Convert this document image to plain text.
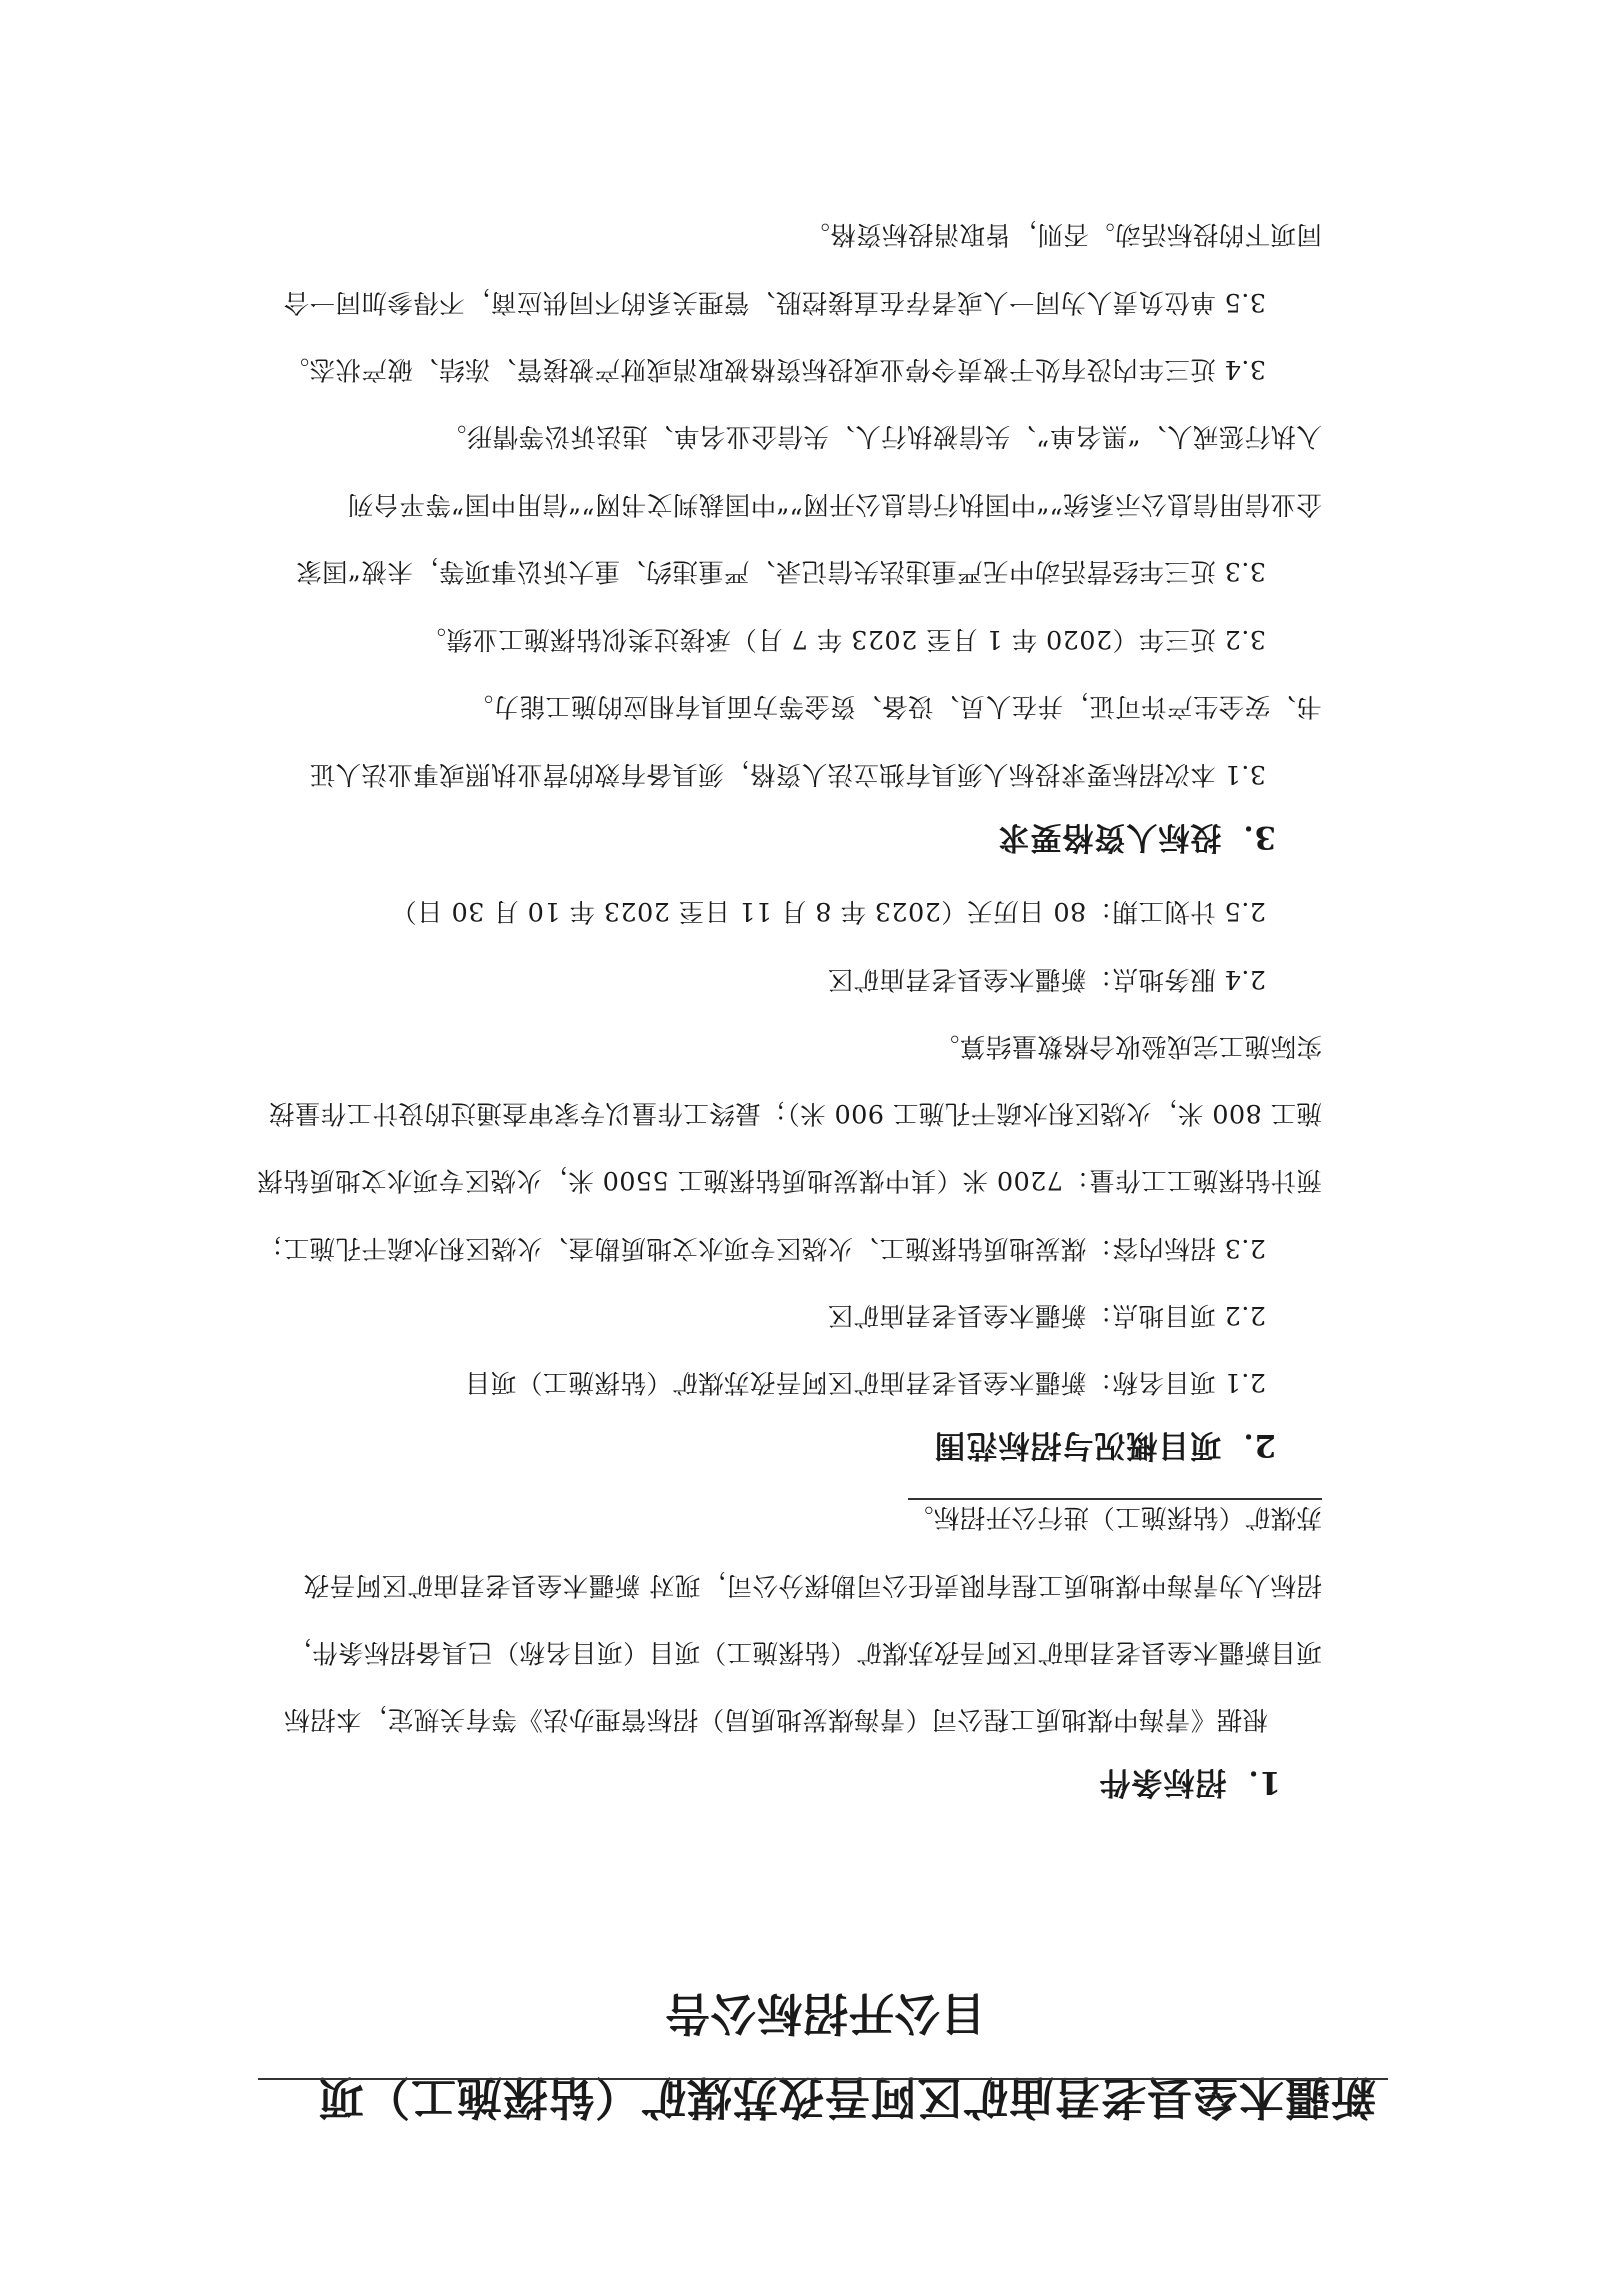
新疆木垒县老君庙矿区阿吾孜苏煤矿（钻探施工）项
目公开招标公告
1．招标条件
根据《青海中煤地质工程公司（青海煤炭地质局）招标管理办法》等有关规定，本招标
项目新疆木垒县老君庙矿区阿吾孜苏煤矿（钻探施工）项目（项目名称）已具备招标条件，
招标人为青海中煤地质工程有限责任公司勘探分公司，现对 新疆木垒县老君庙矿区阿吾孜
苏煤矿（钻探施工）进行公开招标。
2．项目概况与招标范围
2.1 项目名称：新疆木垒县老君庙矿区阿吾孜苏煤矿（钻探施工）项目
2.2 项目地点：新疆木垒县老君庙矿区
2.3 招标内容：煤炭地质钻探施工、火烧区专项水文地质勘查、火烧区积水疏干孔施工；
预计钻探施工工作量：7200 米（其中煤炭地质钻探施工 5500 米，火烧区专项水文地质钻探
施工 800 米，火烧区积水疏干孔施工 900 米）；最终工作量以专家审查通过的设计工作量按
实际施工完成验收合格数量结算。
2.4 服务地点：新疆木垒县老君庙矿区
2.5 计划工期：80 日历天（2023 年 8 月 11 日至 2023 年 10 月 30 日）
3．投标人资格要求
3.1 本次招标要求投标人须具有独立法人资格，须具备有效的营业执照或事业法人证
书、安全生产许可证，并在人员、设备、资金等方面具有相应的施工能力。
3.2 近三年（2020 年 1 月至 2023 年 7 月）承接过类似钻探施工业绩。
3.3 近三年经营活动中无严重违法失信记录、严重违约、重大诉讼事项等，未被“国家
企业信用信息公示系统”“中国执行信息公开网”“中国裁判文书网”“信用中国”等平台列
入执行惩戒人、“黑名单”、失信被执行人、失信企业名单、违法诉讼等情形。
3.4 近三年内没有处于被责令停业或投标资格被取消或财产被接管、冻结、破产状态。
3.5 单位负责人为同一人或者存在直接控股、管理关系的不同供应商，不得参加同一合
同项下的投标活动。否则，皆取消投标资格。
